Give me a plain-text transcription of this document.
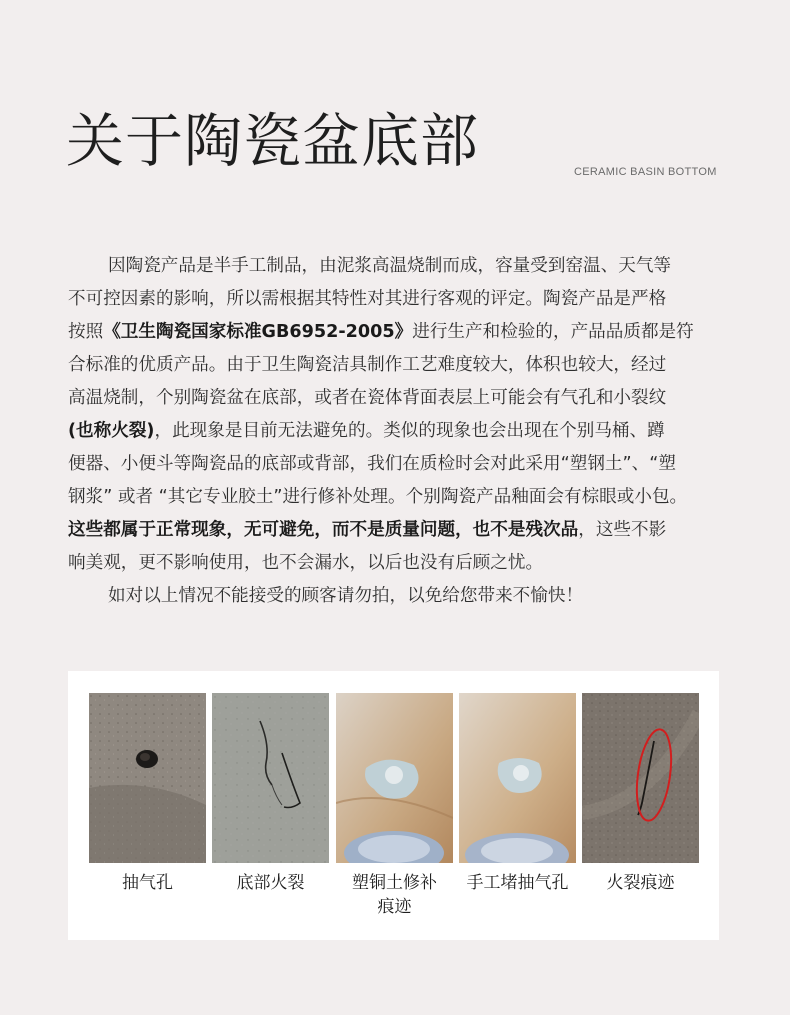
关于陶瓷盆底部	CERAMIC BASIN BOTTOM
因陶瓷产品是半手工制品，由泥浆高温烧制而成，容量受到窑温、天气等
不可控因素的影响，所以需根据其特性对其进行客观的评定。陶瓷产品是严格
按照《卫生陶瓷国家标准GB6952-2005》进行生产和检验的，产品品质都是符
合标准的优质产品。由于卫生陶瓷洁具制作工艺难度较大，体积也较大，经过
高温烧制，个别陶瓷盆在底部，或者在瓷体背面表层上可能会有气孔和小裂纹
(也称火裂)，此现象是目前无法避免的。类似的现象也会出现在个别马桶、蹲
便器、小便斗等陶瓷品的底部或背部，我们在质检时会对此采用“塑钢土”、“塑
钢浆” 或者 “其它专业胶土”进行修补处理。个别陶瓷产品釉面会有棕眼或小包。
这些都属于正常现象，无可避免，而不是质量问题，也不是残次品，这些不影
响美观，更不影响使用，也不会漏水，以后也没有后顾之忧。
如对以上情况不能接受的顾客请勿拍，以免给您带来不愉快！
抽气孔	底部火裂	塑铜土修补
痕迹
手工堵抽气孔	火裂痕迹
